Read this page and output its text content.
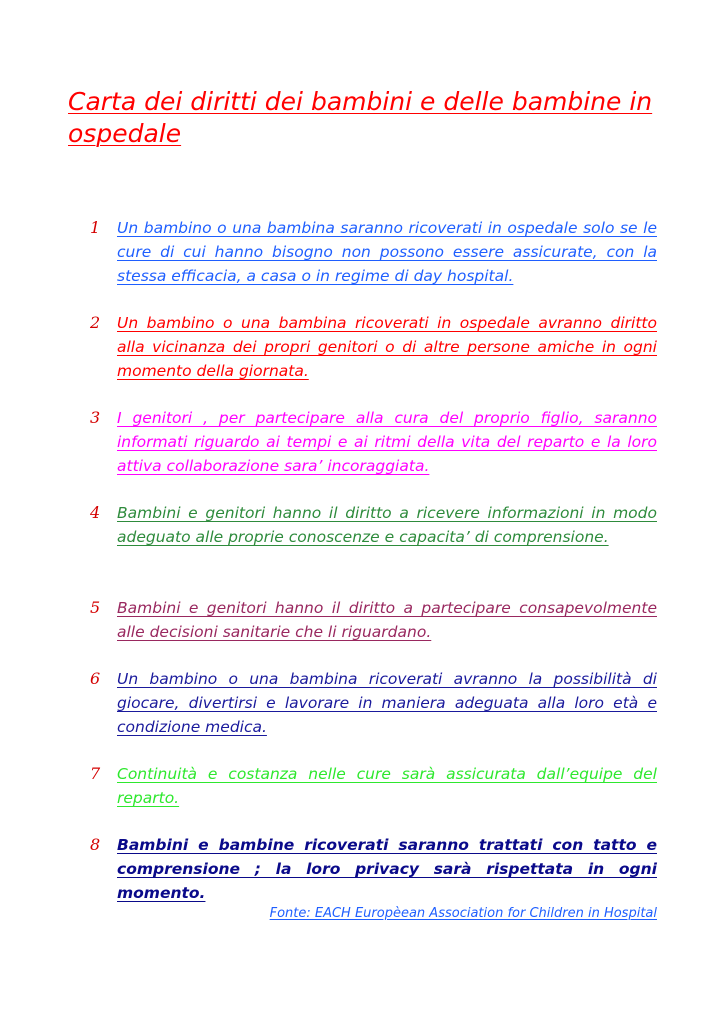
Carta dei diritti dei bambini e delle bambine in ospedale
1 Un bambino o una bambina saranno ricoverati in ospedale solo se le cure di cui hanno bisogno non possono essere assicurate, con la stessa efficacia, a casa o in regime di day hospital.

2 Un bambino o una bambina ricoverati in ospedale avranno diritto alla vicinanza dei propri genitori o di altre persone amiche in ogni momento della giornata.

3 I genitori , per partecipare alla cura del proprio figlio, saranno informati riguardo ai tempi e ai ritmi della vita del reparto e la loro attiva collaborazione sara’ incoraggiata.

4 Bambini e genitori hanno il diritto a ricevere informazioni in modo adeguato alle proprie conoscenze e capacita’ di comprensione.

5 Bambini e genitori hanno il diritto a partecipare consapevolmente alle decisioni sanitarie che li riguardano.

6 Un bambino o una bambina ricoverati avranno la possibilità di giocare, divertirsi e lavorare in maniera adeguata alla loro età e condizione medica.

7 Continuità e costanza nelle cure sarà assicurata dall’equipe del reparto.

8 Bambini e bambine ricoverati saranno trattati con tatto e comprensione ; la loro privacy sarà rispettata in ogni momento.

Fonte: EACH Europèean Association for Children in Hospital
